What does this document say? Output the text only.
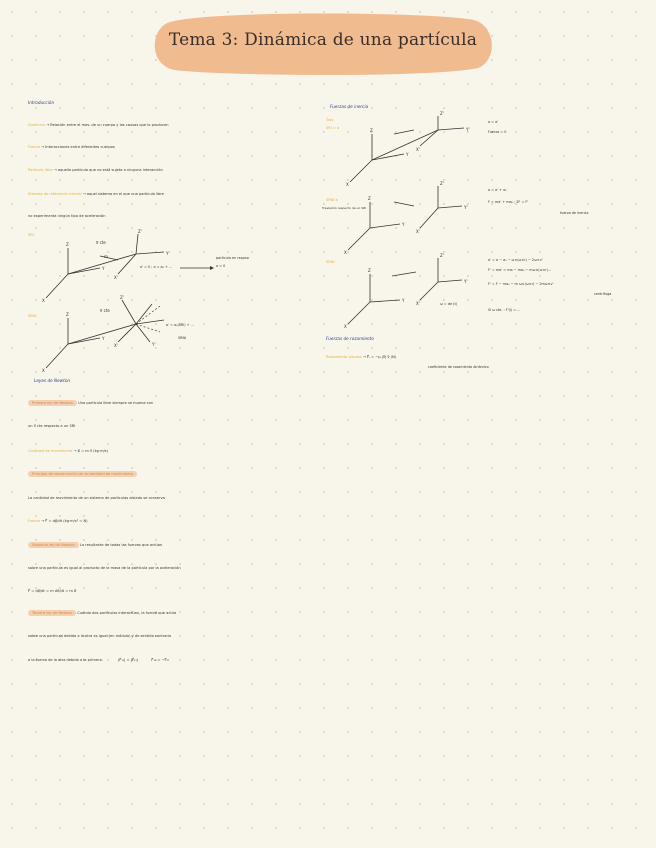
Tema 3: Dinámica de una partícula
Introducción
Dinámica → Relación entre el mov. de un cuerpo y las causas que lo producen
Fuerza → Interacciones entre diferentes cuerpos
Partícula libre → aquella partícula que no está sujeta a ninguna interacción
Sistema de referencia inercial → aquel sistema en el que una partícula libre
no experimenta ningún tipo de aceleración
SRI
Z
X
Y
Z'
X'
Y'
v⃗ cte
m
a' = 0 ; a = a₀ + ...
partícula en reposo
a = 0
SRNI	Z
X
Y
Z'
X'	Y'
v⃗ cte
a' = a₀(SRI) + ...
SRNI
Leyes de Newton
Primera ley de Newton Una partícula libre siempre se mueve con
un v⃗ cte respecto a un SRI
Cantidad de movimiento → p⃗ = m v⃗ (kg·m/s)
Principio de conservación de la cantidad de movimiento
La cantidad de movimiento de un sistema de partículas aislado se conserva
Fuerza → F⃗ = dp⃗/dt (kg·m/s² = N)
Segunda ley de Newton La resultante de todas las fuerzas que actúan
sobre una partícula es igual al producto de la masa de la partícula por la aceleración
F⃗ = dp⃗/dt = m dv⃗/dt = m a⃗
Tercera ley de Newton Cuando dos partículas interactúan, la fuerza que actúa
sobre una partícula debido a la otra es igual (en módulo) y de sentido contrario
a la fuerza de la otra debido a la primera.	|F⃗₁₂| = |F⃗₂₁|	F⃗₁₂ = −F⃗₂₁
Fuerzas de inercia
Tras
SRI = a	Z
X
Y
Z'
X'
Y'
a = a'
Fuerza = 0
SRNI a
Traslación respecto de un SRI
Z
X
Y
Z'
X'
Y'
a = a' + a₀
F = ma' + ma₀ ; ΣF = F'
fuerza de inercia
SRNI
Z
X
Y
Z'
X'
Y'
ω = de (t)
a' = a − a₀ − ω×(ω×r) − 2ω×v'
F' = ma' = ma − ma₀ − mω×(ω×r)...
F' = F − ma₀ − m ω×(ω×r) − 2mω×v'
centrífuga
Si ω cte. : F'(i) = ...
Fuerzas de rozamiento
Rozamiento viscoso → F⃗ᵣ = −μ |v⃗| v⃗ (N)
coeficiente de rozamiento dinámico
